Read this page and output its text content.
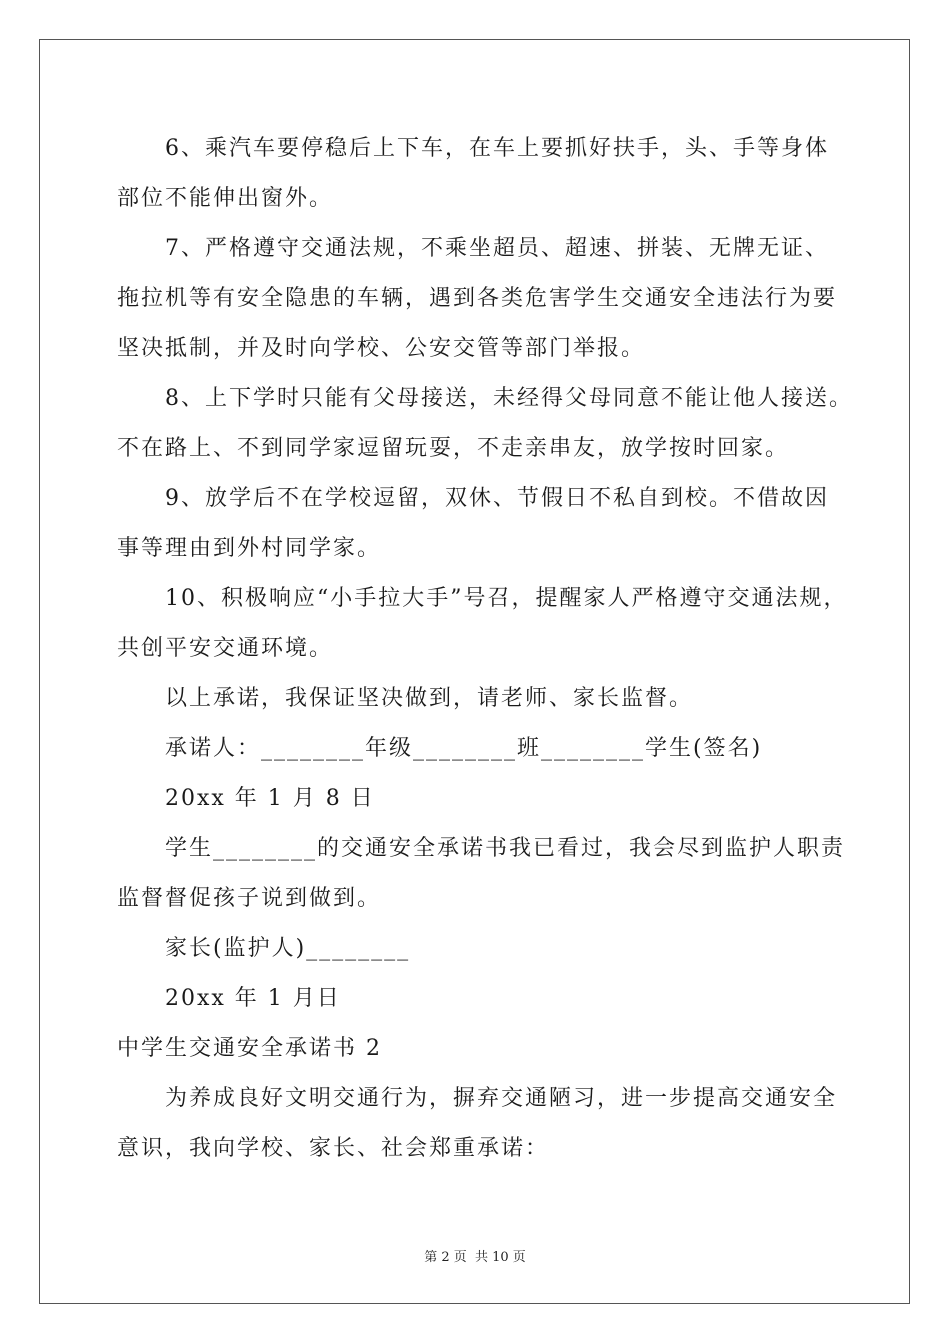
6、乘汽车要停稳后上下车，在车上要抓好扶手，头、手等身体

部位不能伸出窗外。

7、严格遵守交通法规，不乘坐超员、超速、拼装、无牌无证、

拖拉机等有安全隐患的车辆，遇到各类危害学生交通安全违法行为要

坚决抵制，并及时向学校、公安交管等部门举报。

8、上下学时只能有父母接送，未经得父母同意不能让他人接送。

不在路上、不到同学家逗留玩耍，不走亲串友，放学按时回家。

9、放学后不在学校逗留，双休、节假日不私自到校。不借故因

事等理由到外村同学家。

10、积极响应“小手拉大手”号召，提醒家人严格遵守交通法规，

共创平安交通环境。

以上承诺，我保证坚决做到，请老师、家长监督。

承诺人：________年级________班________学生(签名)

20xx 年 1 月 8 日

学生________的交通安全承诺书我已看过，我会尽到监护人职责

监督督促孩子说到做到。

家长(监护人)________

20xx 年 1 月日

中学生交通安全承诺书 2

为养成良好文明交通行为，摒弃交通陋习，进一步提高交通安全

意识，我向学校、家长、社会郑重承诺：

第 2 页 共 10 页
